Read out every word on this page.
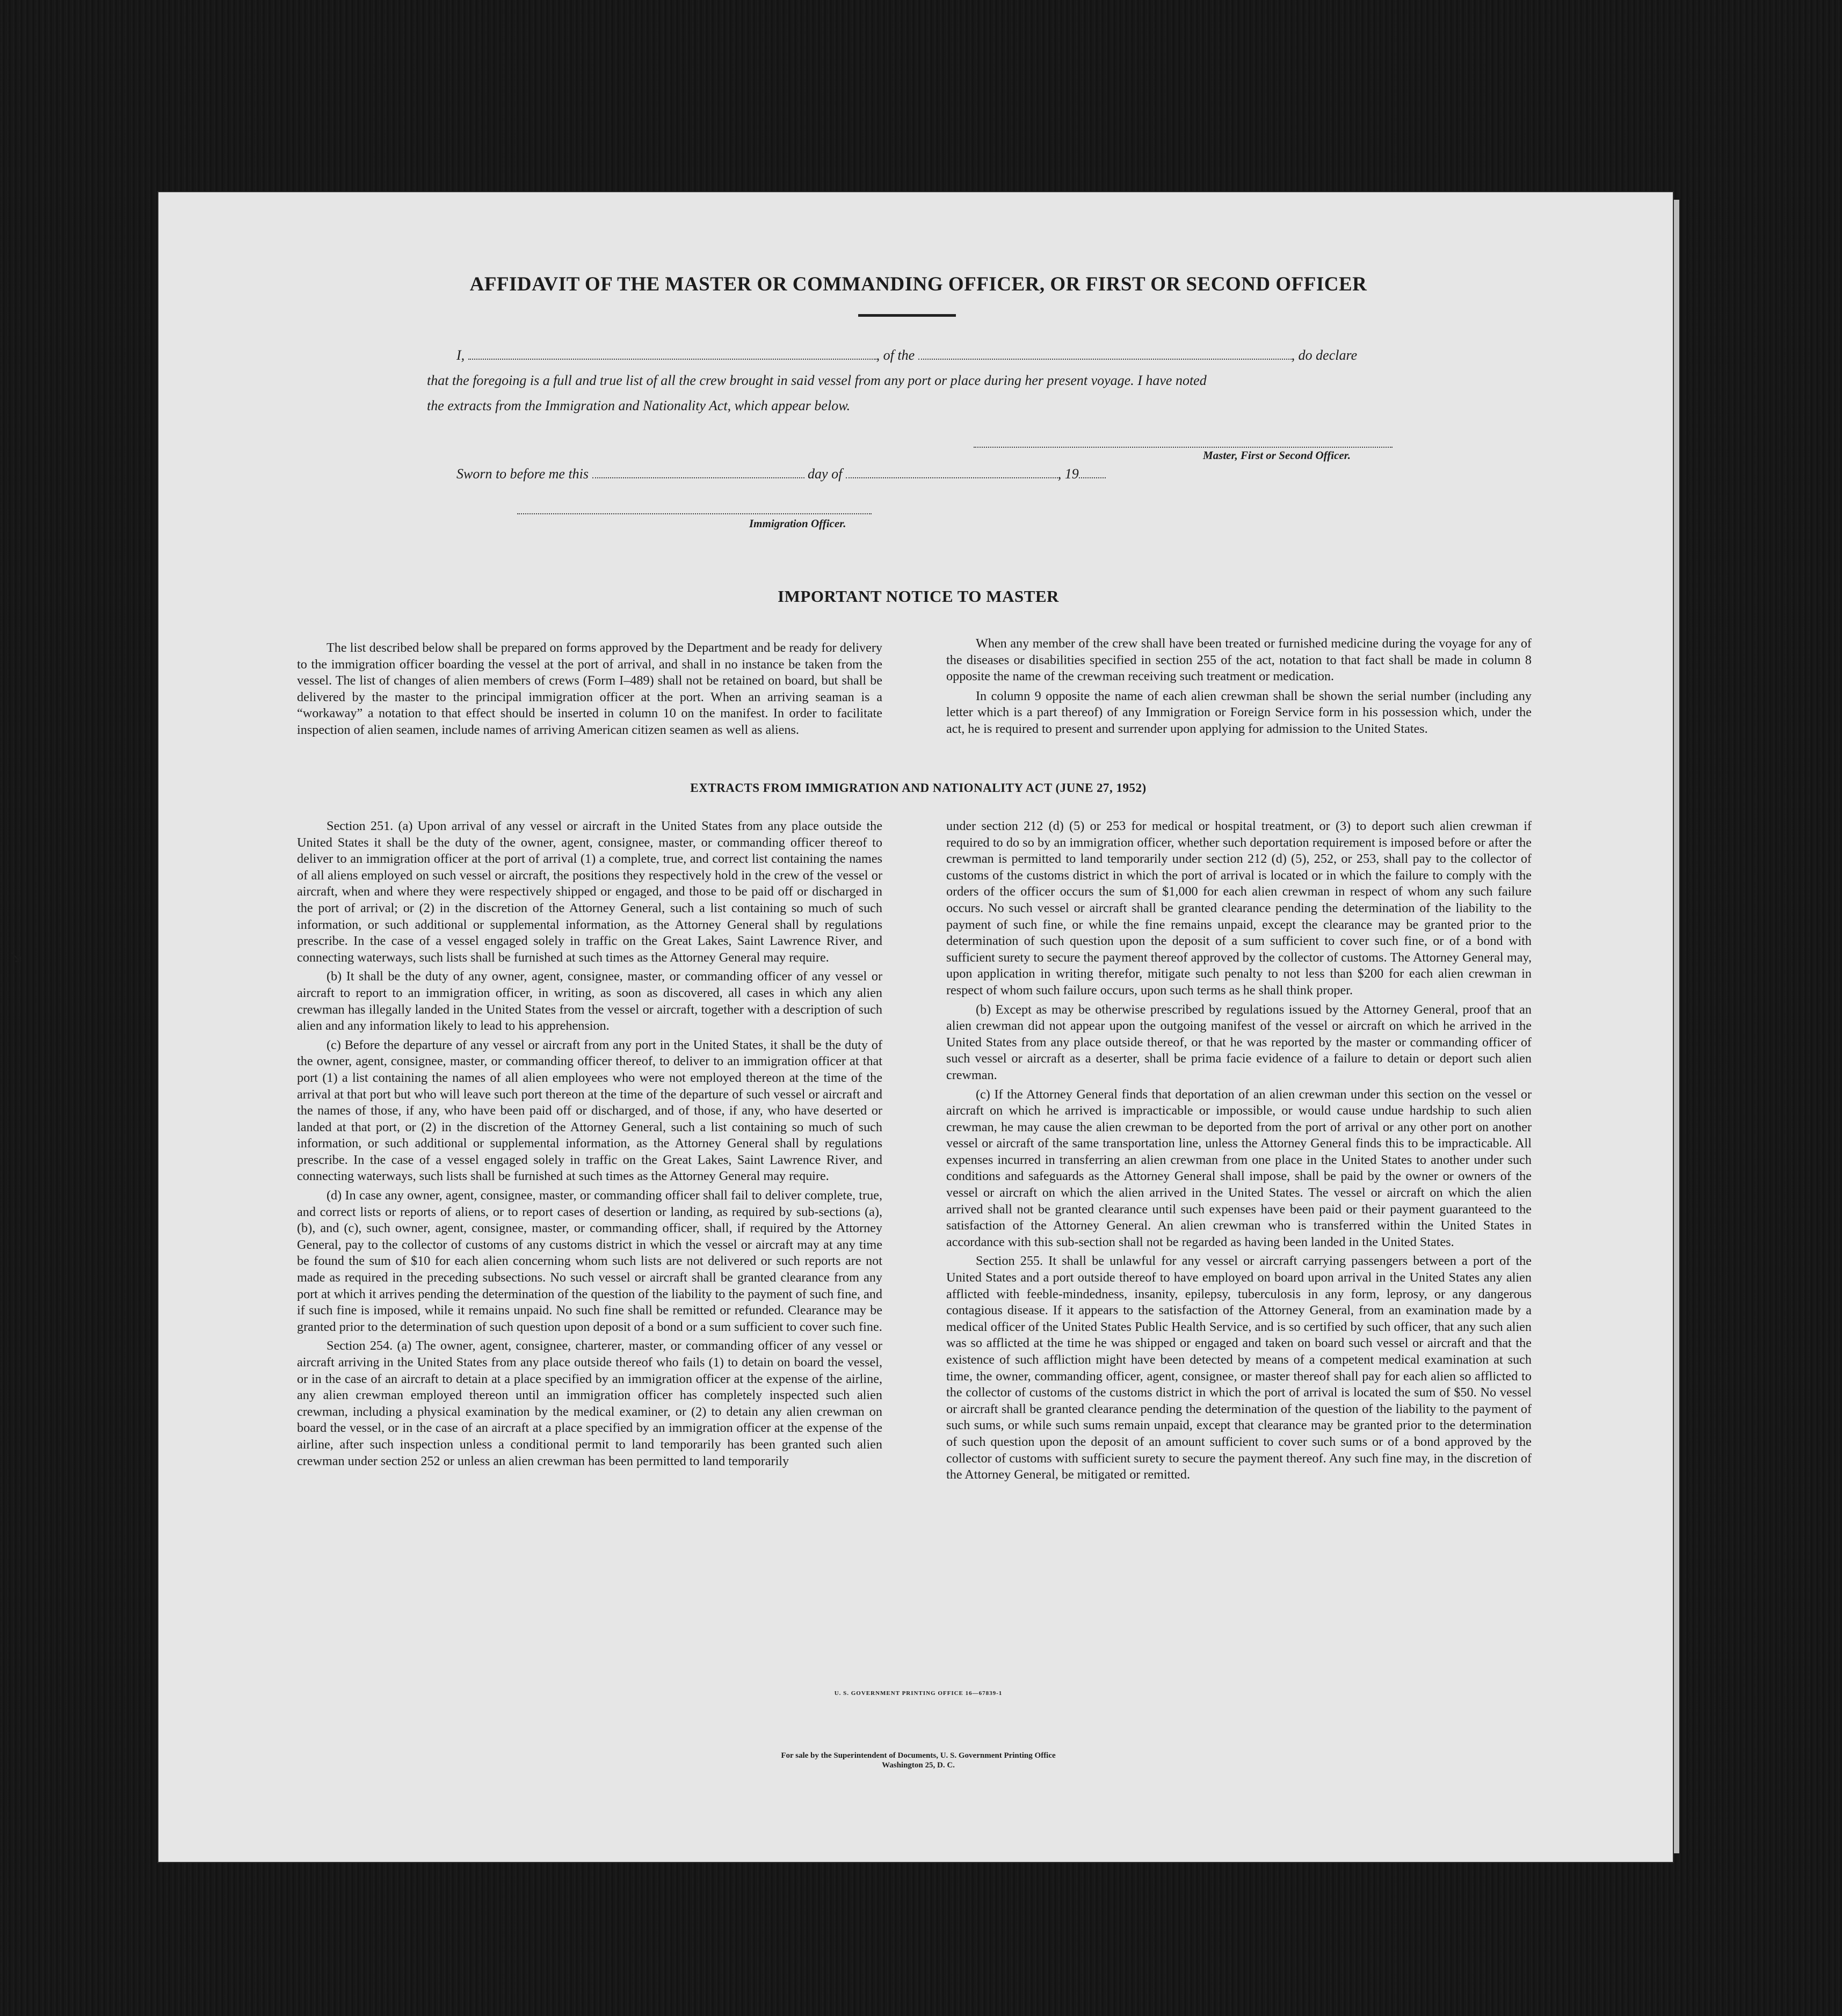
↘
AFFIDAVIT OF THE MASTER OR COMMANDING OFFICER, OR FIRST OR SECOND OFFICER
I,	, of the	, do declare
that the foregoing is a full and true list of all the crew brought in said vessel from any port or place during her present voyage. I have noted
the extracts from the Immigration and Nationality Act, which appear below.
Master, First or Second Officer.
Sworn to before me this	day of	, 19
Immigration Officer.
IMPORTANT NOTICE TO MASTER

The list described below shall be prepared on forms approved by the Department and be ready for delivery to the immigration officer boarding the vessel at the port of arrival, and shall in no instance be taken from the vessel. The list of changes of alien members of crews (Form I–489) shall not be retained on board, but shall be delivered by the master to the principal immigration officer at the port. When an arriving seaman is a “workaway” a notation to that effect should be inserted in column 10 on the manifest. In order to facilitate inspection of alien seamen, include names of arriving American citizen seamen as well as aliens.

When any member of the crew shall have been treated or furnished medicine during the voyage for any of the diseases or disabilities specified in section 255 of the act, notation to that fact shall be made in column 8 opposite the name of the crewman receiving such treatment or medication.

In column 9 opposite the name of each alien crewman shall be shown the serial number (including any letter which is a part thereof) of any Immigration or Foreign Service form in his possession which, under the act, he is required to present and surrender upon applying for admission to the United States.

EXTRACTS FROM IMMIGRATION AND NATIONALITY ACT (JUNE 27, 1952)

Section 251. (a) Upon arrival of any vessel or aircraft in the United States from any place outside the United States it shall be the duty of the owner, agent, consignee, master, or commanding officer thereof to deliver to an immigration officer at the port of arrival (1) a complete, true, and correct list containing the names of all aliens employed on such vessel or aircraft, the positions they respectively hold in the crew of the vessel or aircraft, when and where they were respectively shipped or engaged, and those to be paid off or discharged in the port of arrival; or (2) in the discretion of the Attorney General, such a list containing so much of such information, or such additional or supplemental information, as the Attorney General shall by regulations prescribe. In the case of a vessel engaged solely in traffic on the Great Lakes, Saint Lawrence River, and connecting waterways, such lists shall be furnished at such times as the Attorney General may require.

(b) It shall be the duty of any owner, agent, consignee, master, or commanding officer of any vessel or aircraft to report to an immigration officer, in writing, as soon as discovered, all cases in which any alien crewman has illegally landed in the United States from the vessel or aircraft, together with a description of such alien and any information likely to lead to his apprehension.

(c) Before the departure of any vessel or aircraft from any port in the United States, it shall be the duty of the owner, agent, consignee, master, or commanding officer thereof, to deliver to an immigration officer at that port (1) a list containing the names of all alien employees who were not employed thereon at the time of the arrival at that port but who will leave such port thereon at the time of the departure of such vessel or aircraft and the names of those, if any, who have been paid off or discharged, and of those, if any, who have deserted or landed at that port, or (2) in the discretion of the Attorney General, such a list containing so much of such information, or such additional or supplemental information, as the Attorney General shall by regulations prescribe. In the case of a vessel engaged solely in traffic on the Great Lakes, Saint Lawrence River, and connecting waterways, such lists shall be furnished at such times as the Attorney General may require.

(d) In case any owner, agent, consignee, master, or commanding officer shall fail to deliver complete, true, and correct lists or reports of aliens, or to report cases of desertion or landing, as required by sub-sections (a), (b), and (c), such owner, agent, consignee, master, or commanding officer, shall, if required by the Attorney General, pay to the collector of customs of any customs district in which the vessel or aircraft may at any time be found the sum of $10 for each alien concerning whom such lists are not delivered or such reports are not made as required in the preceding subsections. No such vessel or aircraft shall be granted clearance from any port at which it arrives pending the determination of the question of the liability to the payment of such fine, and if such fine is imposed, while it remains unpaid. No such fine shall be remitted or refunded. Clearance may be granted prior to the determination of such question upon deposit of a bond or a sum sufficient to cover such fine.

Section 254. (a) The owner, agent, consignee, charterer, master, or commanding officer of any vessel or aircraft arriving in the United States from any place outside thereof who fails (1) to detain on board the vessel, or in the case of an aircraft to detain at a place specified by an immigration officer at the expense of the airline, any alien crewman employed thereon until an immigration officer has completely inspected such alien crewman, including a physical examination by the medical examiner, or (2) to detain any alien crewman on board the vessel, or in the case of an aircraft at a place specified by an immigration officer at the expense of the airline, after such inspection unless a conditional permit to land temporarily has been granted such alien crewman under section 252 or unless an alien crewman has been permitted to land temporarily

under section 212 (d) (5) or 253 for medical or hospital treatment, or (3) to deport such alien crewman if required to do so by an immigration officer, whether such deportation requirement is imposed before or after the crewman is permitted to land temporarily under section 212 (d) (5), 252, or 253, shall pay to the collector of customs of the customs district in which the port of arrival is located or in which the failure to comply with the orders of the officer occurs the sum of $1,000 for each alien crewman in respect of whom any such failure occurs. No such vessel or aircraft shall be granted clearance pending the determination of the liability to the payment of such fine, or while the fine remains unpaid, except the clearance may be granted prior to the determination of such question upon the deposit of a sum sufficient to cover such fine, or of a bond with sufficient surety to secure the payment thereof approved by the collector of customs. The Attorney General may, upon application in writing therefor, mitigate such penalty to not less than $200 for each alien crewman in respect of whom such failure occurs, upon such terms as he shall think proper.

(b) Except as may be otherwise prescribed by regulations issued by the Attorney General, proof that an alien crewman did not appear upon the outgoing manifest of the vessel or aircraft on which he arrived in the United States from any place outside thereof, or that he was reported by the master or commanding officer of such vessel or aircraft as a deserter, shall be prima facie evidence of a failure to detain or deport such alien crewman.

(c) If the Attorney General finds that deportation of an alien crewman under this section on the vessel or aircraft on which he arrived is impracticable or impossible, or would cause undue hardship to such alien crewman, he may cause the alien crewman to be deported from the port of arrival or any other port on another vessel or aircraft of the same transportation line, unless the Attorney General finds this to be impracticable. All expenses incurred in transferring an alien crewman from one place in the United States to another under such conditions and safeguards as the Attorney General shall impose, shall be paid by the owner or owners of the vessel or aircraft on which the alien arrived in the United States. The vessel or aircraft on which the alien arrived shall not be granted clearance until such expenses have been paid or their payment guaranteed to the satisfaction of the Attorney General. An alien crewman who is transferred within the United States in accordance with this sub-section shall not be regarded as having been landed in the United States.

Section 255. It shall be unlawful for any vessel or aircraft carrying passengers between a port of the United States and a port outside thereof to have employed on board upon arrival in the United States any alien afflicted with feeble-mindedness, insanity, epilepsy, tuberculosis in any form, leprosy, or any dangerous contagious disease. If it appears to the satisfaction of the Attorney General, from an examination made by a medical officer of the United States Public Health Service, and is so certified by such officer, that any such alien was so afflicted at the time he was shipped or engaged and taken on board such vessel or aircraft and that the existence of such affliction might have been detected by means of a competent medical examination at such time, the owner, commanding officer, agent, consignee, or master thereof shall pay for each alien so afflicted to the collector of customs of the customs district in which the port of arrival is located the sum of $50. No vessel or aircraft shall be granted clearance pending the determination of the question of the liability to the payment of such sums, or while such sums remain unpaid, except that clearance may be granted prior to the determination of such question upon the deposit of an amount sufficient to cover such sums or of a bond approved by the collector of customs with sufficient surety to secure the payment thereof. Any such fine may, in the discretion of the Attorney General, be mitigated or remitted.

U. S. GOVERNMENT PRINTING OFFICE 16—67839-1
For sale by the Superintendent of Documents, U. S. Government Printing Office
Washington 25, D. C.
